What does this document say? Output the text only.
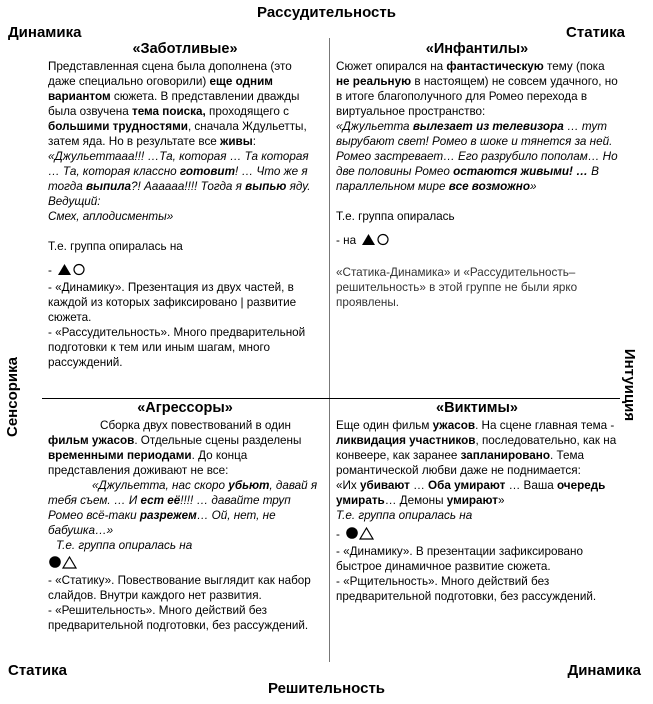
Рассудительность
Динамика	Статика
Статика	Динамика
Решительность
Сенсорика	Интуиция
«Заботливые»

Представленная сцена была дополнена (это даже специально оговорили) еще одним вариантом сюжета. В представлении дважды была озвучена тема поиска, проходящего с большими трудностями, сначала Ждульетты, затем яда. Но в результате все живы:

«Джульеттааа!!! …Та, которая … Та которая … Та, которая классно готовит! … Что же я тогда выпила?! Аааааа!!!! Тогда я выпью яду.

Ведущий:

Смех, аплодисменты»

Т.е. группа опиралась на

-

- «Динамику». Презентация из двух частей, в каждой из которых зафиксировано | развитие сюжета.

- «Рассудительность». Много предварительной подготовки к тем или иным шагам, много рассуждений.

«Инфантилы»

Сюжет опирался на фантастическую тему (пока не реальную в настоящем) не совсем удачного, но в итоге благополучного для Ромео перехода в виртуальное пространство:

«Джульетта вылезает из телевизора … тут вырубают свет! Ромео в шоке и тянется за ней. Ромео застревает… Его разрубило пополам… Но две половины Ромео остаются живыми! … В параллельном мире все возможно»

Т.е. группа опиралась

- на

«Статика-Динамика» и «Рассудительность–решительность» в этой группе не были ярко проявлены.

«Агрессоры»

Сборка двух повествований в один фильм ужасов. Отдельные сцены разделены временными периодами. До конца представления доживают не все:

«Джульетта, нас скоро убьют, давай я тебя съем. … И ест её!!!! … давайте труп Ромео всё-таки разрежем… Ой, нет, не бабушка…»

Т.е. группа опиралась на

- «Статику». Повествование выглядит как набор слайдов. Внутри каждого нет развития.

- «Решительность». Много действий без предварительной подготовки, без рассуждений.

«Виктимы»

Еще один фильм ужасов. На сцене главная тема - ликвидация участников, последовательно, как на конвеере, как заранее запланировано. Тема романтической любви даже не поднимается:

«Их убивают … Оба умирают … Ваша очередь умирать… Демоны умирают»

Т.е. группа опиралась на

-

- «Динамику». В презентации зафиксировано быстрое динамичное развитие сюжета.

- «Рщительность». Много действий без предварительной подготовки, без рассуждений.
